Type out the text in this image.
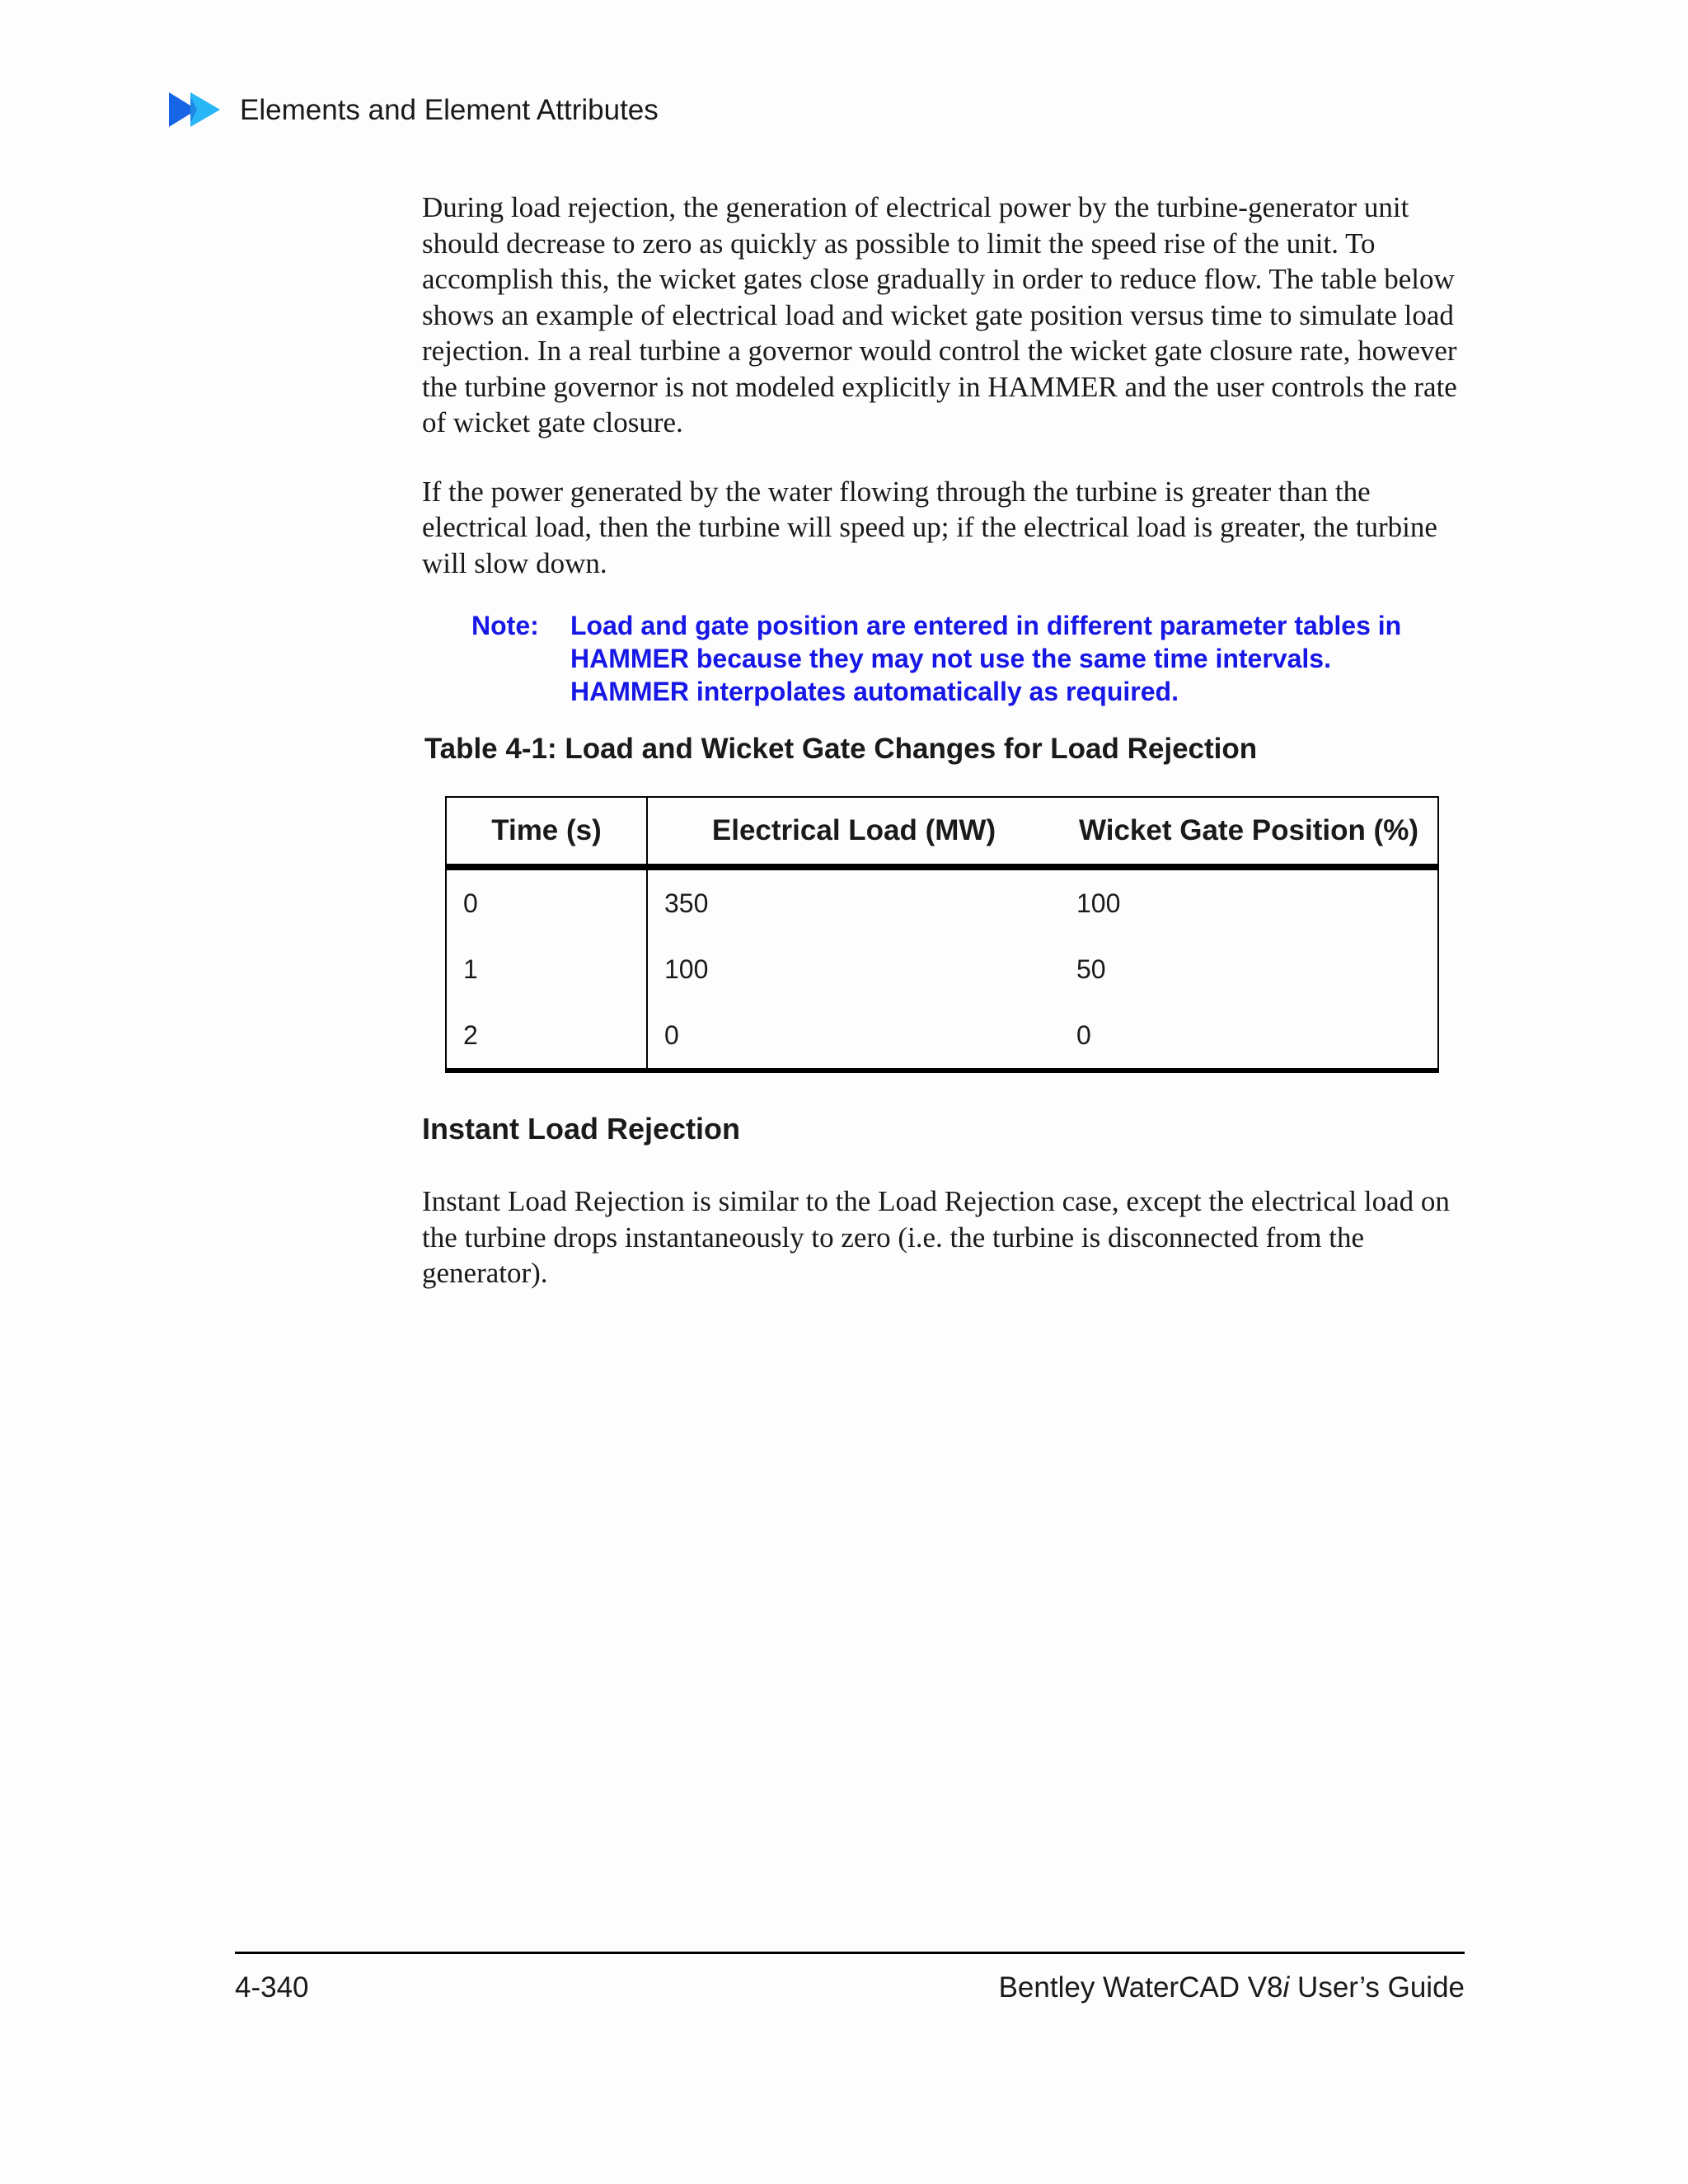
Elements and Element Attributes

During load rejection, the generation of electrical power by the turbine-generator unit should decrease to zero as quickly as possible to limit the speed rise of the unit. To accomplish this, the wicket gates close gradually in order to reduce flow. The table below shows an example of electrical load and wicket gate position versus time to simulate load rejection. In a real turbine a governor would control the wicket gate closure rate, however the turbine governor is not modeled explicitly in HAMMER and the user controls the rate of wicket gate closure.

If the power generated by the water flowing through the turbine is greater than the electrical load, then the turbine will speed up; if the electrical load is greater, the turbine will slow down.

Note:	Load and gate position are entered in different parameter tables in HAMMER because they may not use the same time intervals. HAMMER interpolates automatically as required.

Table 4-1: Load and Wicket Gate Changes for Load Rejection

Time (s)	Electrical Load (MW)	Wicket Gate Position (%)
0	350	100
1	100	50
2	0	0
Instant Load Rejection

Instant Load Rejection is similar to the Load Rejection case, except the electrical load on the turbine drops instantaneously to zero (i.e. the turbine is disconnected from the generator).

4-340	Bentley WaterCAD V8i User’s Guide
